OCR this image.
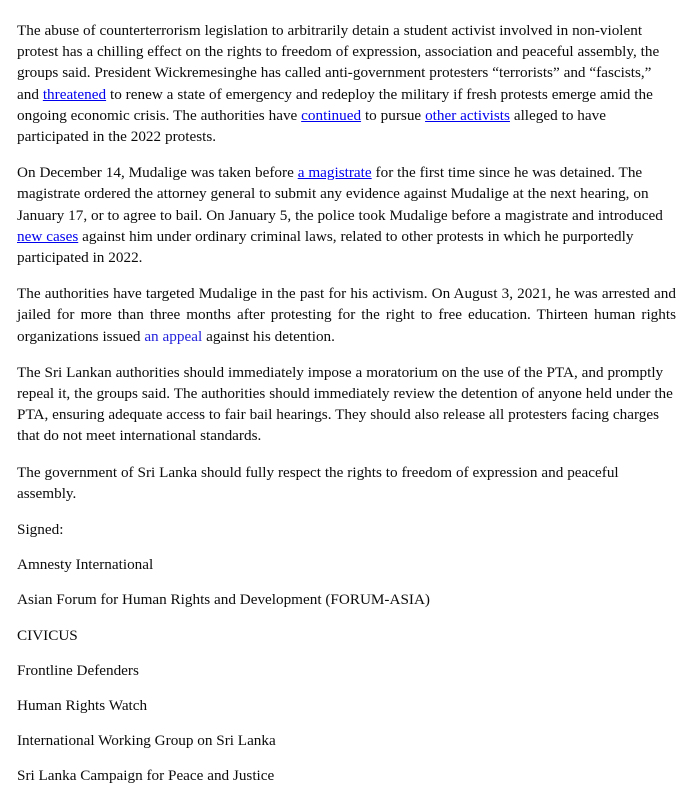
The abuse of counterterrorism legislation to arbitrarily detain a student activist involved in non-violent protest has a chilling effect on the rights to freedom of expression, association and peaceful assembly, the groups said. President Wickremesinghe has called anti-government protesters “terrorists” and “fascists,” and threatened to renew a state of emergency and redeploy the military if fresh protests emerge amid the ongoing economic crisis. The authorities have continued to pursue other activists alleged to have participated in the 2022 protests.

On December 14, Mudalige was taken before a magistrate for the first time since he was detained. The magistrate ordered the attorney general to submit any evidence against Mudalige at the next hearing, on January 17, or to agree to bail. On January 5, the police took Mudalige before a magistrate and introduced new cases against him under ordinary criminal laws, related to other protests in which he purportedly participated in 2022.

The authorities have targeted Mudalige in the past for his activism. On August 3, 2021, he was arrested and jailed for more than three months after protesting for the right to free education. Thirteen human rights organizations issued an appeal against his detention.

The Sri Lankan authorities should immediately impose a moratorium on the use of the PTA, and promptly repeal it, the groups said. The authorities should immediately review the detention of anyone held under the PTA, ensuring adequate access to fair bail hearings. They should also release all protesters facing charges that do not meet international standards.

The government of Sri Lanka should fully respect the rights to freedom of expression and peaceful assembly.

Signed:

Amnesty International

Asian Forum for Human Rights and Development (FORUM-ASIA)

CIVICUS

Frontline Defenders

Human Rights Watch

International Working Group on Sri Lanka

Sri Lanka Campaign for Peace and Justice
